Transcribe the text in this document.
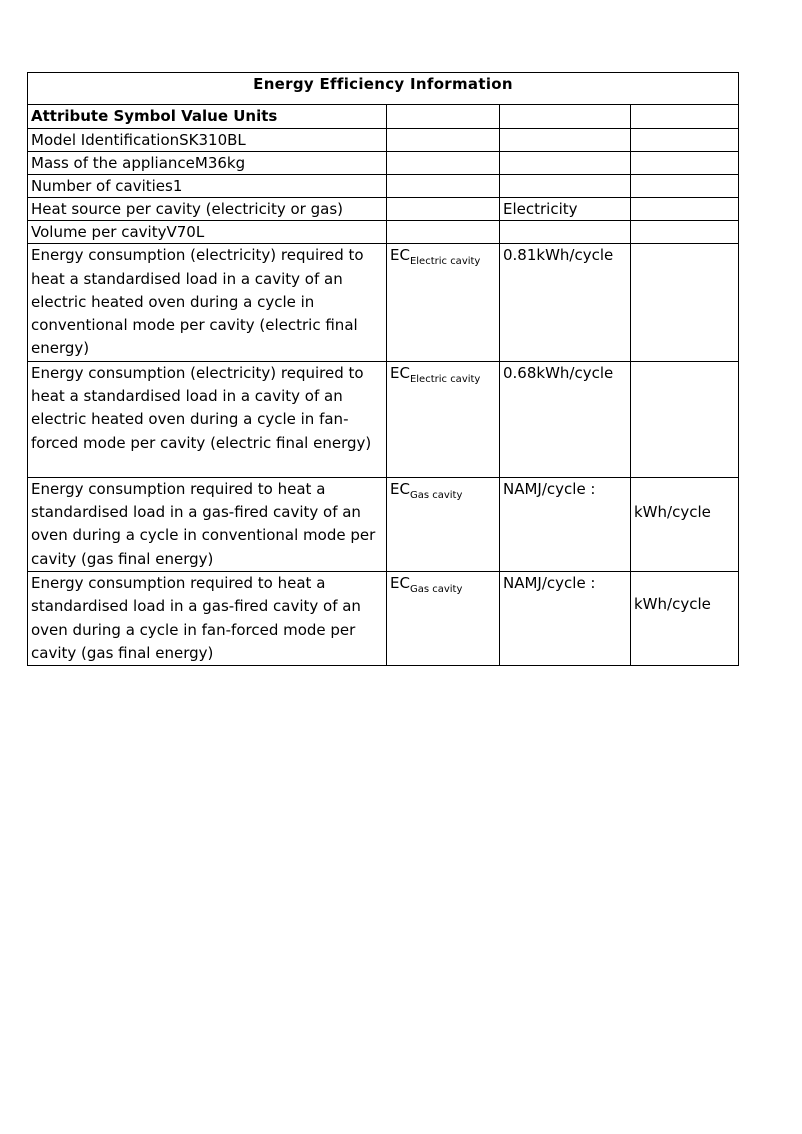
Energy Efficiency Information			
Attribute Symbol Value Units			
Model IdentificationSK310BL			
Mass of the applianceM36kg			
Number of cavities1			
Heat source per cavity (electricity or gas)		Electricity	
Volume per cavityV70L			
Energy consumption (electricity) required to heat a standardised load in a cavity of an electric heated oven during a cycle in conventional mode per cavity (electric final energy)	$EC_{Electric cavity}$	0.81kWh/cycle	
Energy consumption (electricity) required to heat a standardised load in a cavity of an electric heated oven during a cycle in fan-forced mode per cavity (electric final energy)	$EC_{Electric cavity}$	0.68kWh/cycle	
Energy consumption required to heat a standardised load in a gas-fired cavity of an oven during a cycle in conventional mode per cavity (gas final energy)	$EC_{Gas cavity}$	NAMJ/cycle :	kWh/cycle

Energy consumption required to heat a standardised load in a gas-fired cavity of an oven during a cycle in fan-forced mode per cavity (gas final energy)	$EC_{Gas cavity}$	NAMJ/cycle :	kWh/cycle
